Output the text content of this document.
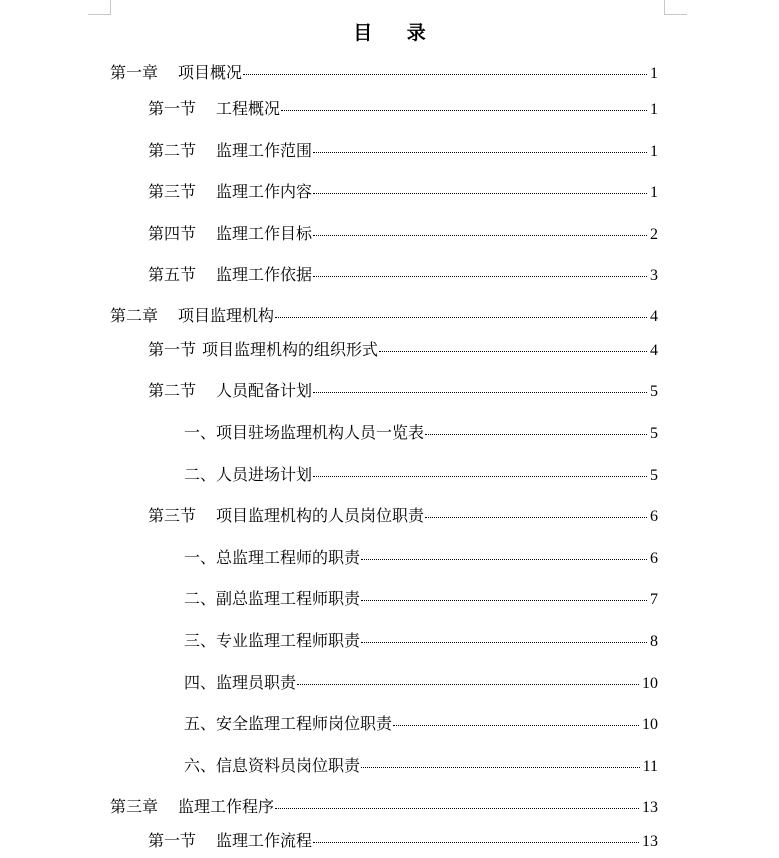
目 录
第一章 项目概况	1
第一节 工程概况	1
第二节 监理工作范围	1
第三节 监理工作内容	1
第四节 监理工作目标	2
第五节 监理工作依据	3
第二章 项目监理机构	4
第一节 项目监理机构的组织形式	4
第二节 人员配备计划	5
一、 项目驻场监理机构人员一览表	5
二、 人员进场计划	5
第三节 项目监理机构的人员岗位职责	6
一、 总监理工程师的职责	6
二、 副总监理工程师职责	7
三、 专业监理工程师职责	8
四、 监理员职责	10
五、 安全监理工程师岗位职责	10
六、 信息资料员岗位职责	11
第三章 监理工作程序	13
第一节 监理工作流程	13
